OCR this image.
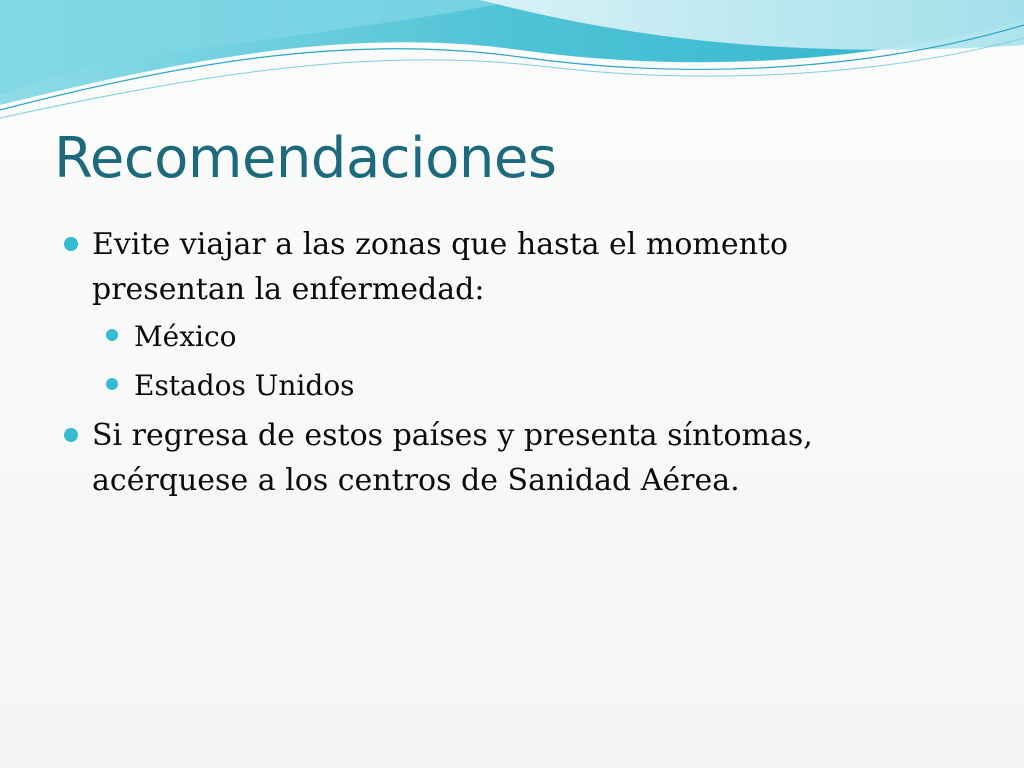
Recomendaciones
Evite viajar a las zonas que hasta el momento
presentan la enfermedad:
México
Estados Unidos
Si regresa de estos países y presenta síntomas,
acérquese a los centros de Sanidad Aérea.
